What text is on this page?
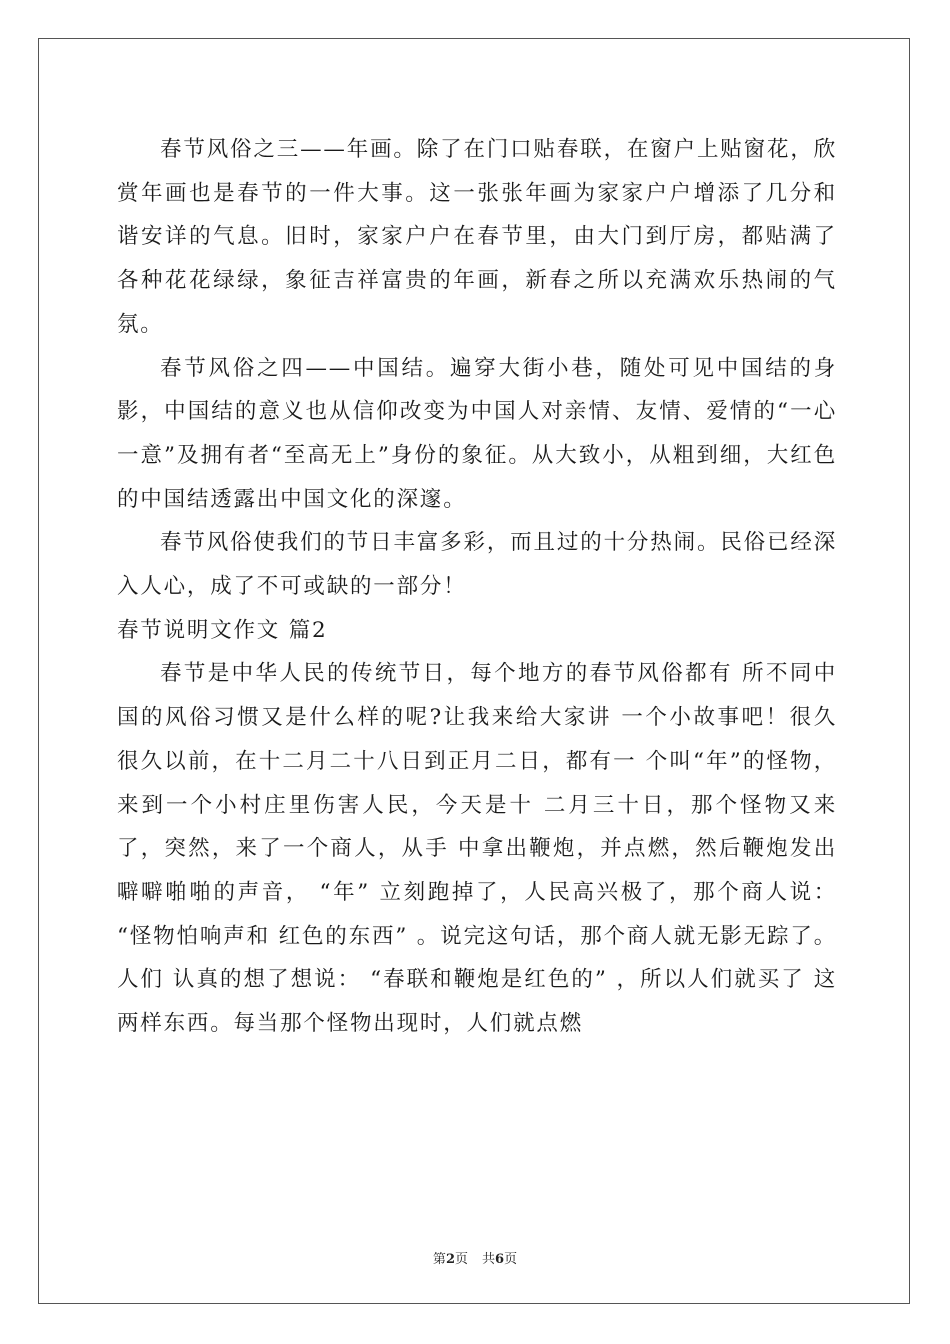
春节风俗之三——年画。除了在门口贴春联，在窗户上贴窗花，欣赏年画也是春节的一件大事。这一张张年画为家家户户增添了几分和谐安详的气息。旧时，家家户户在春节里，由大门到厅房，都贴满了各种花花绿绿，象征吉祥富贵的年画，新春之所以充满欢乐热闹的气氛。

春节风俗之四——中国结。遍穿大街小巷，随处可见中国结的身影，中国结的意义也从信仰改变为中国人对亲情、友情、爱情的“一心一意”及拥有者“至高无上”身份的象征。从大致小，从粗到细，大红色的中国结透露出中国文化的深邃。

春节风俗使我们的节日丰富多彩，而且过的十分热闹。民俗已经深入人心，成了不可或缺的一部分！

春节说明文作文 篇2

春节是中华人民的传统节日，每个地方的春节风俗都有 所不同中国的风俗习惯又是什么样的呢?让我来给大家讲 一个小故事吧！很久很久以前，在十二月二十八日到正月二日，都有一 个叫“年”的怪物，来到一个小村庄里伤害人民，今天是十 二月三十日，那个怪物又来了，突然，来了一个商人，从手 中拿出鞭炮，并点燃，然后鞭炮发出噼噼啪啪的声音， “年” 立刻跑掉了，人民高兴极了，那个商人说： “怪物怕响声和 红色的东西” 。说完这句话，那个商人就无影无踪了。人们 认真的想了想说： “春联和鞭炮是红色的” ，所以人们就买了 这两样东西。每当那个怪物出现时，人们就点燃

第2页 共6页
